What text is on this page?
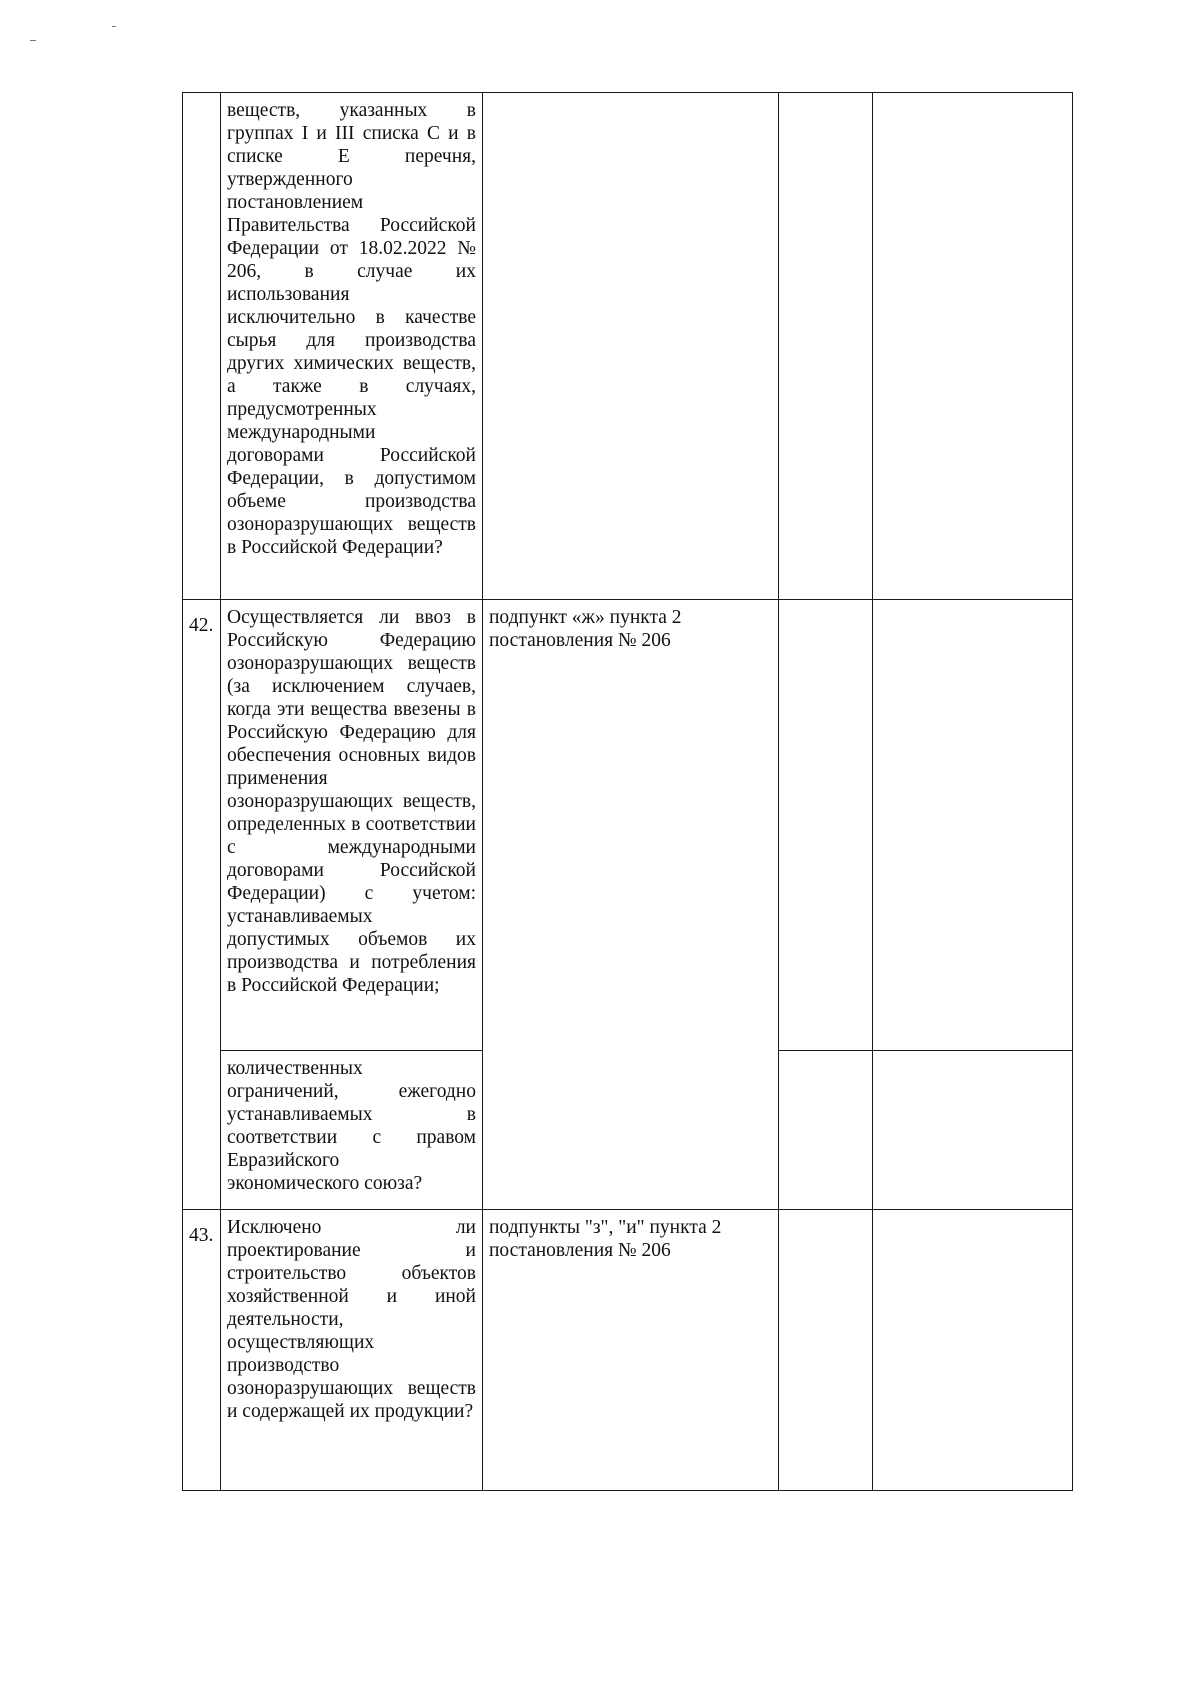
	веществ, указанных в группах I и III списка С и в списке Е перечня, утвержденного постановлением Правительства Российской Федерации от 18.02.2022 № 206, в случае их использования исключительно в качестве сырья для производства других химических веществ, а также в случаях, предусмотренных международными договорами Российской Федерации, в допустимом объеме производства озоноразрушающих веществ в Российской Федерации?			
42.	Осуществляется ли ввоз в Российскую Федерацию озоноразрушающих веществ (за исключением случаев, когда эти вещества ввезены в Российскую Федерацию для обеспечения основных видов применения озоноразрушающих веществ, определенных в соответствии с международными договорами Российской Федерации) с учетом: устанавливаемых допустимых объемов их производства и потребления в Российской Федерации;	подпункт «ж» пункта 2 постановления № 206		
	количественных ограничений, ежегодно устанавливаемых в соответствии с правом Евразийского экономического союза?			
43.	Исключено ли проектирование и строительство объектов хозяйственной и иной деятельности, осуществляющих производство озоноразрушающих веществ и содержащей их продукции?	подпункты "з", "и" пункта 2 постановления № 206		
